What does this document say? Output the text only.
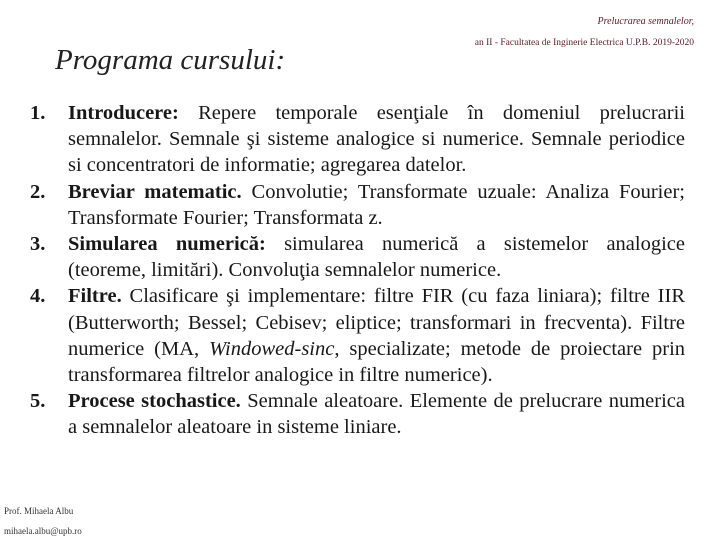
Prelucrarea semnalelor,
an II - Facultatea de Inginerie Electrica U.P.B. 2019-2020
Programa cursului:
1.	Introducere: Repere temporale esenţiale în domeniul prelucrarii semnalelor. Semnale şi sisteme analogice si numerice. Semnale periodice si concentratori de informatie; agregarea datelor.
2.	Breviar matematic. Convolutie; Transformate uzuale: Analiza Fourier; Transformate Fourier; Transformata z.
3.	Simularea numerică: simularea numerică a sistemelor analogice (teoreme, limitări). Convoluţia semnalelor numerice.
4.	Filtre. Clasificare şi implementare: filtre FIR (cu faza liniara); filtre IIR (Butterworth; Bessel; Cebisev; eliptice; transformari in frecventa). Filtre numerice (MA, Windowed-sinc, specializate; metode de proiectare prin transformarea filtrelor analogice in filtre numerice).
5.	Procese stochastice. Semnale aleatoare. Elemente de prelucrare numerica a semnalelor aleatoare in sisteme liniare.
Prof. Mihaela Albu
mihaela.albu@upb.ro
